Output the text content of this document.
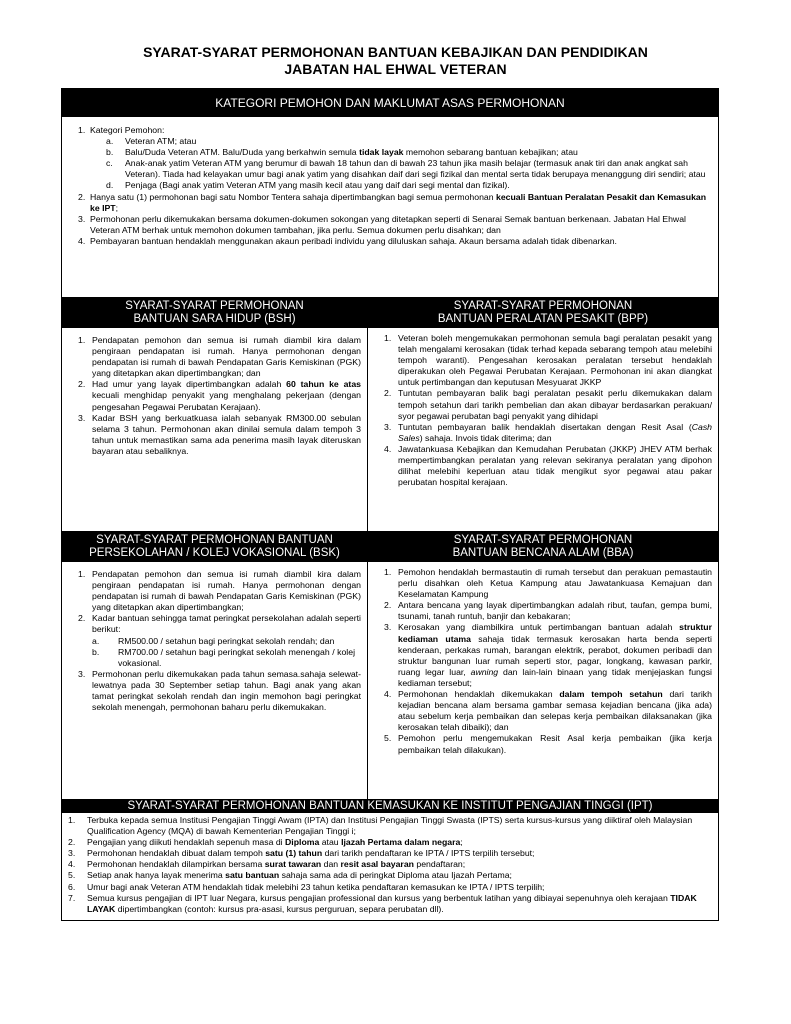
SYARAT-SYARAT PERMOHONAN BANTUAN KEBAJIKAN DAN PENDIDIKAN
JABATAN HAL EHWAL VETERAN
KATEGORI PEMOHON DAN MAKLUMAT ASAS PERMOHONAN
1. Kategori Pemohon:
a. Veteran ATM; atau
b. Balu/Duda Veteran ATM. Balu/Duda yang berkahwin semula tidak layak memohon sebarang bantuan kebajikan; atau
c. Anak-anak yatim Veteran ATM yang berumur di bawah 18 tahun dan di bawah 23 tahun jika masih belajar (termasuk anak tiri dan anak angkat sah Veteran). Tiada had kelayakan umur bagi anak yatim yang disahkan daif dari segi fizikal dan mental serta tidak berupaya menanggung diri sendiri; atau
d. Penjaga (Bagi anak yatim Veteran ATM yang masih kecil atau yang daif dari segi mental dan fizikal).
2. Hanya satu (1) permohonan bagi satu Nombor Tentera sahaja dipertimbangkan bagi semua permohonan kecuali Bantuan Peralatan Pesakit dan Kemasukan ke IPT;
3. Permohonan perlu dikemukakan bersama dokumen-dokumen sokongan yang ditetapkan seperti di Senarai Semak bantuan berkenaan. Jabatan Hal Ehwal Veteran ATM berhak untuk memohon dokumen tambahan, jika perlu. Semua dokumen perlu disahkan; dan
4. Pembayaran bantuan hendaklah menggunakan akaun peribadi individu yang diluluskan sahaja. Akaun bersama adalah tidak dibenarkan.
SYARAT-SYARAT PERMOHONAN
BANTUAN SARA HIDUP (BSH)
1. Pendapatan pemohon dan semua isi rumah diambil kira dalam pengiraan pendapatan isi rumah. Hanya permohonan dengan pendapatan isi rumah di bawah Pendapatan Garis Kemiskinan (PGK) yang ditetapkan akan dipertimbangkan; dan
2. Had umur yang layak dipertimbangkan adalah 60 tahun ke atas kecuali menghidap penyakit yang menghalang pekerjaan (dengan pengesahan Pegawai Perubatan Kerajaan).
3. Kadar BSH yang berkuatkuasa ialah sebanyak RM300.00 sebulan selama 3 tahun. Permohonan akan dinilai semula dalam tempoh 3 tahun untuk memastikan sama ada penerima masih layak diteruskan bayaran atau sebaliknya.
SYARAT-SYARAT PERMOHONAN
BANTUAN PERALATAN PESAKIT (BPP)
1. Veteran boleh mengemukakan permohonan semula bagi peralatan pesakit yang telah mengalami kerosakan (tidak terhad kepada sebarang tempoh atau melebihi tempoh waranti). Pengesahan kerosakan peralatan tersebut hendaklah diperakukan oleh Pegawai Perubatan Kerajaan. Permohonan ini akan diangkat untuk pertimbangan dan keputusan Mesyuarat JKKP
2. Tuntutan pembayaran balik bagi peralatan pesakit perlu dikemukakan dalam tempoh setahun dari tarikh pembelian dan akan dibayar berdasarkan perakuan/ syor pegawai perubatan bagi penyakit yang dihidapi
3. Tuntutan pembayaran balik hendaklah disertakan dengan Resit Asal (Cash Sales) sahaja. Invois tidak diterima; dan
4. Jawatankuasa Kebajikan dan Kemudahan Perubatan (JKKP) JHEV ATM berhak mempertimbangkan peralatan yang relevan sekiranya peralatan yang dipohon dilihat melebihi keperluan atau tidak mengikut syor pegawai atau pakar perubatan hospital kerajaan.
SYARAT-SYARAT PERMOHONAN BANTUAN
PERSEKOLAHAN / KOLEJ VOKASIONAL (BSK)
1. Pendapatan pemohon dan semua isi rumah diambil kira dalam pengiraan pendapatan isi rumah. Hanya permohonan dengan pendapatan isi rumah di bawah Pendapatan Garis Kemiskinan (PGK) yang ditetapkan akan dipertimbangkan;
2. Kadar bantuan sehingga tamat peringkat persekolahan adalah seperti berikut:
a. RM500.00 / setahun bagi peringkat sekolah rendah; dan
b. RM700.00 / setahun bagi peringkat sekolah menengah / kolej vokasional.
3. Permohonan perlu dikemukakan pada tahun semasa.sahaja selewat-lewatnya pada 30 September setiap tahun. Bagi anak yang akan tamat peringkat sekolah rendah dan ingin memohon bagi peringkat sekolah menengah, permohonan baharu perlu dikemukakan.
SYARAT-SYARAT PERMOHONAN
BANTUAN BENCANA ALAM (BBA)
1. Pemohon hendaklah bermastautin di rumah tersebut dan perakuan pemastautin perlu disahkan oleh Ketua Kampung atau Jawatankuasa Kemajuan dan Keselamatan Kampung
2. Antara bencana yang layak dipertimbangkan adalah ribut, taufan, gempa bumi, tsunami, tanah runtuh, banjir dan kebakaran;
3. Kerosakan yang diambilkira untuk pertimbangan bantuan adalah struktur kediaman utama sahaja tidak termasuk kerosakan harta benda seperti kenderaan, perkakas rumah, barangan elektrik, perabot, dokumen peribadi dan struktur bangunan luar rumah seperti stor, pagar, longkang, kawasan parkir, ruang legar luar, awning dan lain-lain binaan yang tidak menjejaskan fungsi kediaman tersebut;
4. Permohonan hendaklah dikemukakan dalam tempoh setahun dari tarikh kejadian bencana alam bersama gambar semasa kejadian bencana (jika ada) atau sebelum kerja pembaikan dan selepas kerja pembaikan dilaksanakan (jika kerosakan telah dibaiki); dan
5. Pemohon perlu mengemukakan Resit Asal kerja pembaikan (jika kerja pembaikan telah dilakukan).
SYARAT-SYARAT PERMOHONAN BANTUAN KEMASUKAN KE INSTITUT PENGAJIAN TINGGI (IPT)
1. Terbuka kepada semua Institusi Pengajian Tinggi Awam (IPTA) dan Institusi Pengajian Tinggi Swasta (IPTS) serta kursus-kursus yang diiktiraf oleh Malaysian Qualification Agency (MQA) di bawah Kementerian Pengajian Tinggi i;
2. Pengajian yang diikuti hendaklah sepenuh masa di Diploma atau Ijazah Pertama dalam negara;
3. Permohonan hendaklah dibuat dalam tempoh satu (1) tahun dari tarikh pendaftaran ke IPTA / IPTS terpilih tersebut;
4. Permohonan hendaklah dilampirkan bersama surat tawaran dan resit asal bayaran pendaftaran;
5. Setiap anak hanya layak menerima satu bantuan sahaja sama ada di peringkat Diploma atau Ijazah Pertama;
6. Umur bagi anak Veteran ATM hendaklah tidak melebihi 23 tahun ketika pendaftaran kemasukan ke IPTA / IPTS terpilih;
7. Semua kursus pengajian di IPT luar Negara, kursus pengajian professional dan kursus yang berbentuk latihan yang dibiayai sepenuhnya oleh kerajaan TIDAK LAYAK dipertimbangkan (contoh: kursus pra-asasi, kursus perguruan, separa perubatan dll).
